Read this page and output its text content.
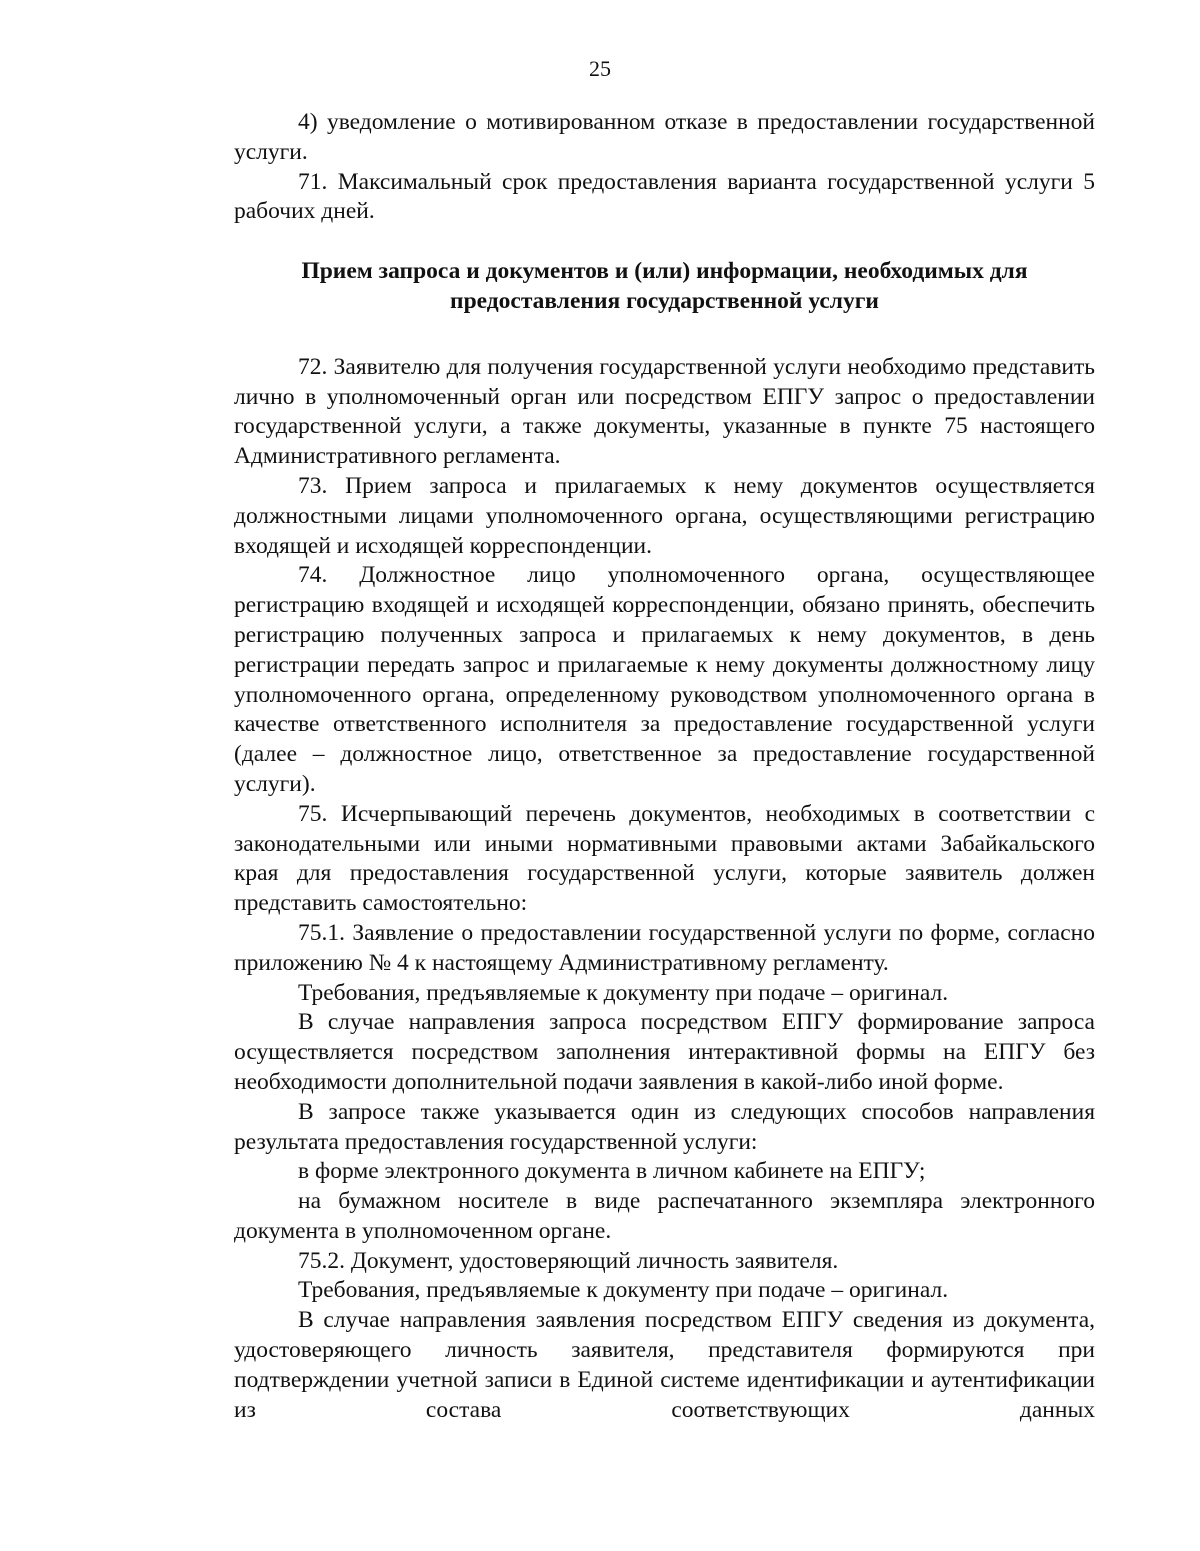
25

4) уведомление о мотивированном отказе в предоставлении государственной услуги.

71. Максимальный срок предоставления варианта государственной услуги 5 рабочих дней.

Прием запроса и документов и (или) информации, необходимых для
предоставления государственной услуги

72. Заявителю для получения государственной услуги необходимо представить лично в уполномоченный орган или посредством ЕПГУ запрос о предоставлении государственной услуги, а также документы, указанные в пункте 75 настоящего Административного регламента.

73. Прием запроса и прилагаемых к нему документов осуществляется должностными лицами уполномоченного органа, осуществляющими регистрацию входящей и исходящей корреспонденции.

74. Должностное лицо уполномоченного органа, осуществляющее регистрацию входящей и исходящей корреспонденции, обязано принять, обеспечить регистрацию полученных запроса и прилагаемых к нему документов, в день регистрации передать запрос и прилагаемые к нему документы должностному лицу уполномоченного органа, определенному руководством уполномоченного органа в качестве ответственного исполнителя за предоставление государственной услуги (далее – должностное лицо, ответственное за предоставление государственной услуги).

75. Исчерпывающий перечень документов, необходимых в соответствии с законодательными или иными нормативными правовыми актами Забайкальского края для предоставления государственной услуги, которые заявитель должен представить самостоятельно:

75.1. Заявление о предоставлении государственной услуги по форме, согласно приложению № 4 к настоящему Административному регламенту.

Требования, предъявляемые к документу при подаче – оригинал.

В случае направления запроса посредством ЕПГУ формирование запроса осуществляется посредством заполнения интерактивной формы на ЕПГУ без необходимости дополнительной подачи заявления в какой-либо иной форме.

В запросе также указывается один из следующих способов направления результата предоставления государственной услуги:

в форме электронного документа в личном кабинете на ЕПГУ;

на бумажном носителе в виде распечатанного экземпляра электронного документа в уполномоченном органе.

75.2. Документ, удостоверяющий личность заявителя.

Требования, предъявляемые к документу при подаче – оригинал.

В случае направления заявления посредством ЕПГУ сведения из документа, удостоверяющего личность заявителя, представителя формируются при подтверждении учетной записи в Единой системе идентификации и аутентификации из состава соответствующих данных
